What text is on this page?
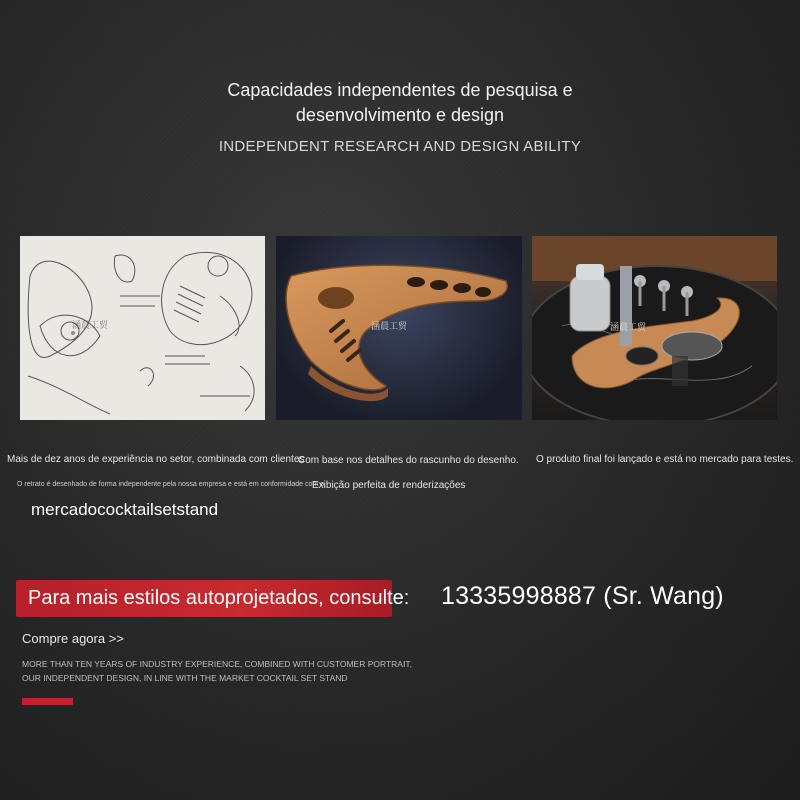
Capacidades independentes de pesquisa e
desenvolvimento e design
INDEPENDENT RESEARCH AND DESIGN ABILITY
涵晨工贸	涵晨工贸	涵晨工贸
Mais de dez anos de experiência no setor, combinada com clientes
Com base nos detalhes do rascunho do desenho. O produto final foi lançado e está no mercado para testes.
O retrato é desenhado de forma independente pela nossa empresa e está em conformidade com o
Exibição perfeita de renderizações
mercadococktailsetstand
Para mais estilos autoprojetados, consulte: 13335998887 (Sr. Wang)
Compre agora >>
MORE THAN TEN YEARS OF INDUSTRY EXPERIENCE, COMBINED WITH CUSTOMER PORTRAIT,
OUR INDEPENDENT DESIGN, IN LINE WITH THE MARKET COCKTAIL SET STAND
